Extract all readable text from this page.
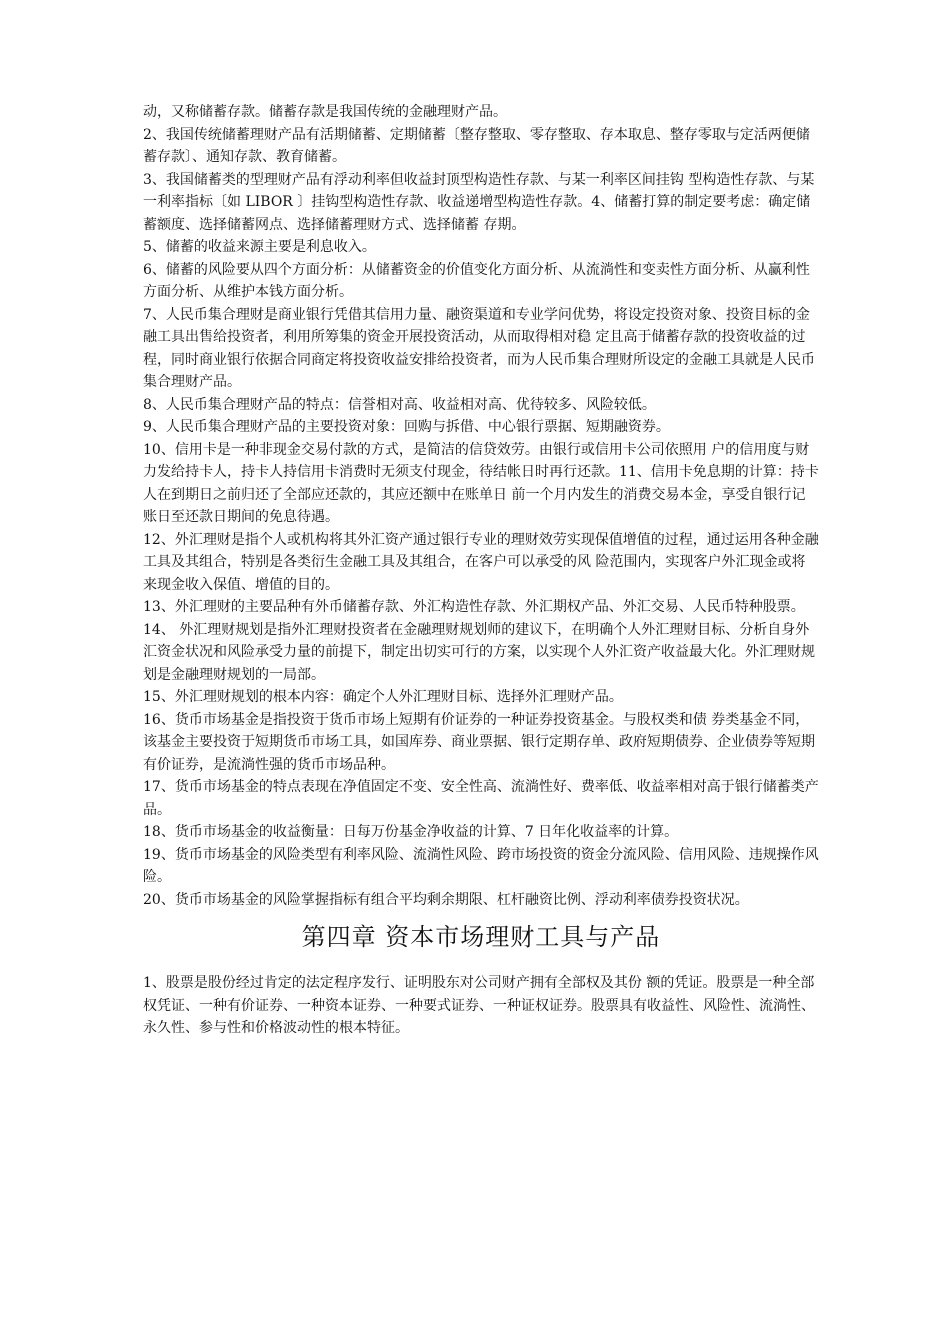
动，又称储蓄存款。储蓄存款是我国传统的金融理财产品。

2、我国传统储蓄理财产品有活期储蓄、定期储蓄〔整存整取、零存整取、存本取息、整存零取与定活两便储蓄存款〕、通知存款、教育储蓄。

3、我国储蓄类的型理财产品有浮动利率但收益封顶型构造性存款、与某一利率区间挂钩 型构造性存款、与某一利率指标〔如 LIBOR 〕挂钩型构造性存款、收益递增型构造性存款。4、储蓄打算的制定要考虑：确定储蓄额度、选择储蓄网点、选择储蓄理财方式、选择储蓄 存期。

5、储蓄的收益来源主要是利息收入。

6、储蓄的风险要从四个方面分析：从储蓄资金的价值变化方面分析、从流淌性和变卖性方面分析、从赢利性方面分析、从维护本钱方面分析。

7、人民币集合理财是商业银行凭借其信用力量、融资渠道和专业学问优势，将设定投资对象、投资目标的金融工具出售给投资者，利用所筹集的资金开展投资活动，从而取得相对稳 定且高于储蓄存款的投资收益的过程，同时商业银行依据合同商定将投资收益安排给投资者，而为人民币集合理财所设定的金融工具就是人民币集合理财产品。

8、人民币集合理财产品的特点：信誉相对高、收益相对高、优待较多、风险较低。

9、人民币集合理财产品的主要投资对象：回购与拆借、中心银行票据、短期融资券。

10、信用卡是一种非现金交易付款的方式，是简洁的信贷效劳。由银行或信用卡公司依照用 户的信用度与财力发给持卡人，持卡人持信用卡消费时无须支付现金，待结帐日时再行还款。11、信用卡免息期的计算：持卡人在到期日之前归还了全部应还款的，其应还额中在账单日 前一个月内发生的消费交易本金，享受自银行记账日至还款日期间的免息待遇。

12、外汇理财是指个人或机构将其外汇资产通过银行专业的理财效劳实现保值增值的过程，通过运用各种金融工具及其组合，特别是各类衍生金融工具及其组合，在客户可以承受的风 险范围内，实现客户外汇现金或将来现金收入保值、增值的目的。

13、外汇理财的主要品种有外币储蓄存款、外汇构造性存款、外汇期权产品、外汇交易、人民币特种股票。

14、 外汇理财规划是指外汇理财投资者在金融理财规划师的建议下，在明确个人外汇理财目标、分析自身外汇资金状况和风险承受力量的前提下，制定出切实可行的方案，以实现个人外汇资产收益最大化。外汇理财规划是金融理财规划的一局部。

15、外汇理财规划的根本内容：确定个人外汇理财目标、选择外汇理财产品。

16、货币市场基金是指投资于货币市场上短期有价证券的一种证券投资基金。与股权类和债 券类基金不同，该基金主要投资于短期货币市场工具，如国库券、商业票据、银行定期存单、政府短期债券、企业债券等短期有价证券，是流淌性强的货币市场品种。

17、货币市场基金的特点表现在净值固定不变、安全性高、流淌性好、费率低、收益率相对高于银行储蓄类产品。

18、货币市场基金的收益衡量：日每万份基金净收益的计算、7 日年化收益率的计算。

19、货币市场基金的风险类型有利率风险、流淌性风险、跨市场投资的资金分流风险、信用风险、违规操作风险。

20、货币市场基金的风险掌握指标有组合平均剩余期限、杠杆融资比例、浮动利率债券投资状况。

第四章 资本市场理财工具与产品

1、股票是股份经过肯定的法定程序发行、证明股东对公司财产拥有全部权及其份 额的凭证。股票是一种全部权凭证、一种有价证券、一种资本证券、一种要式证券、一种证权证券。股票具有收益性、风险性、流淌性、永久性、参与性和价格波动性的根本特征。
